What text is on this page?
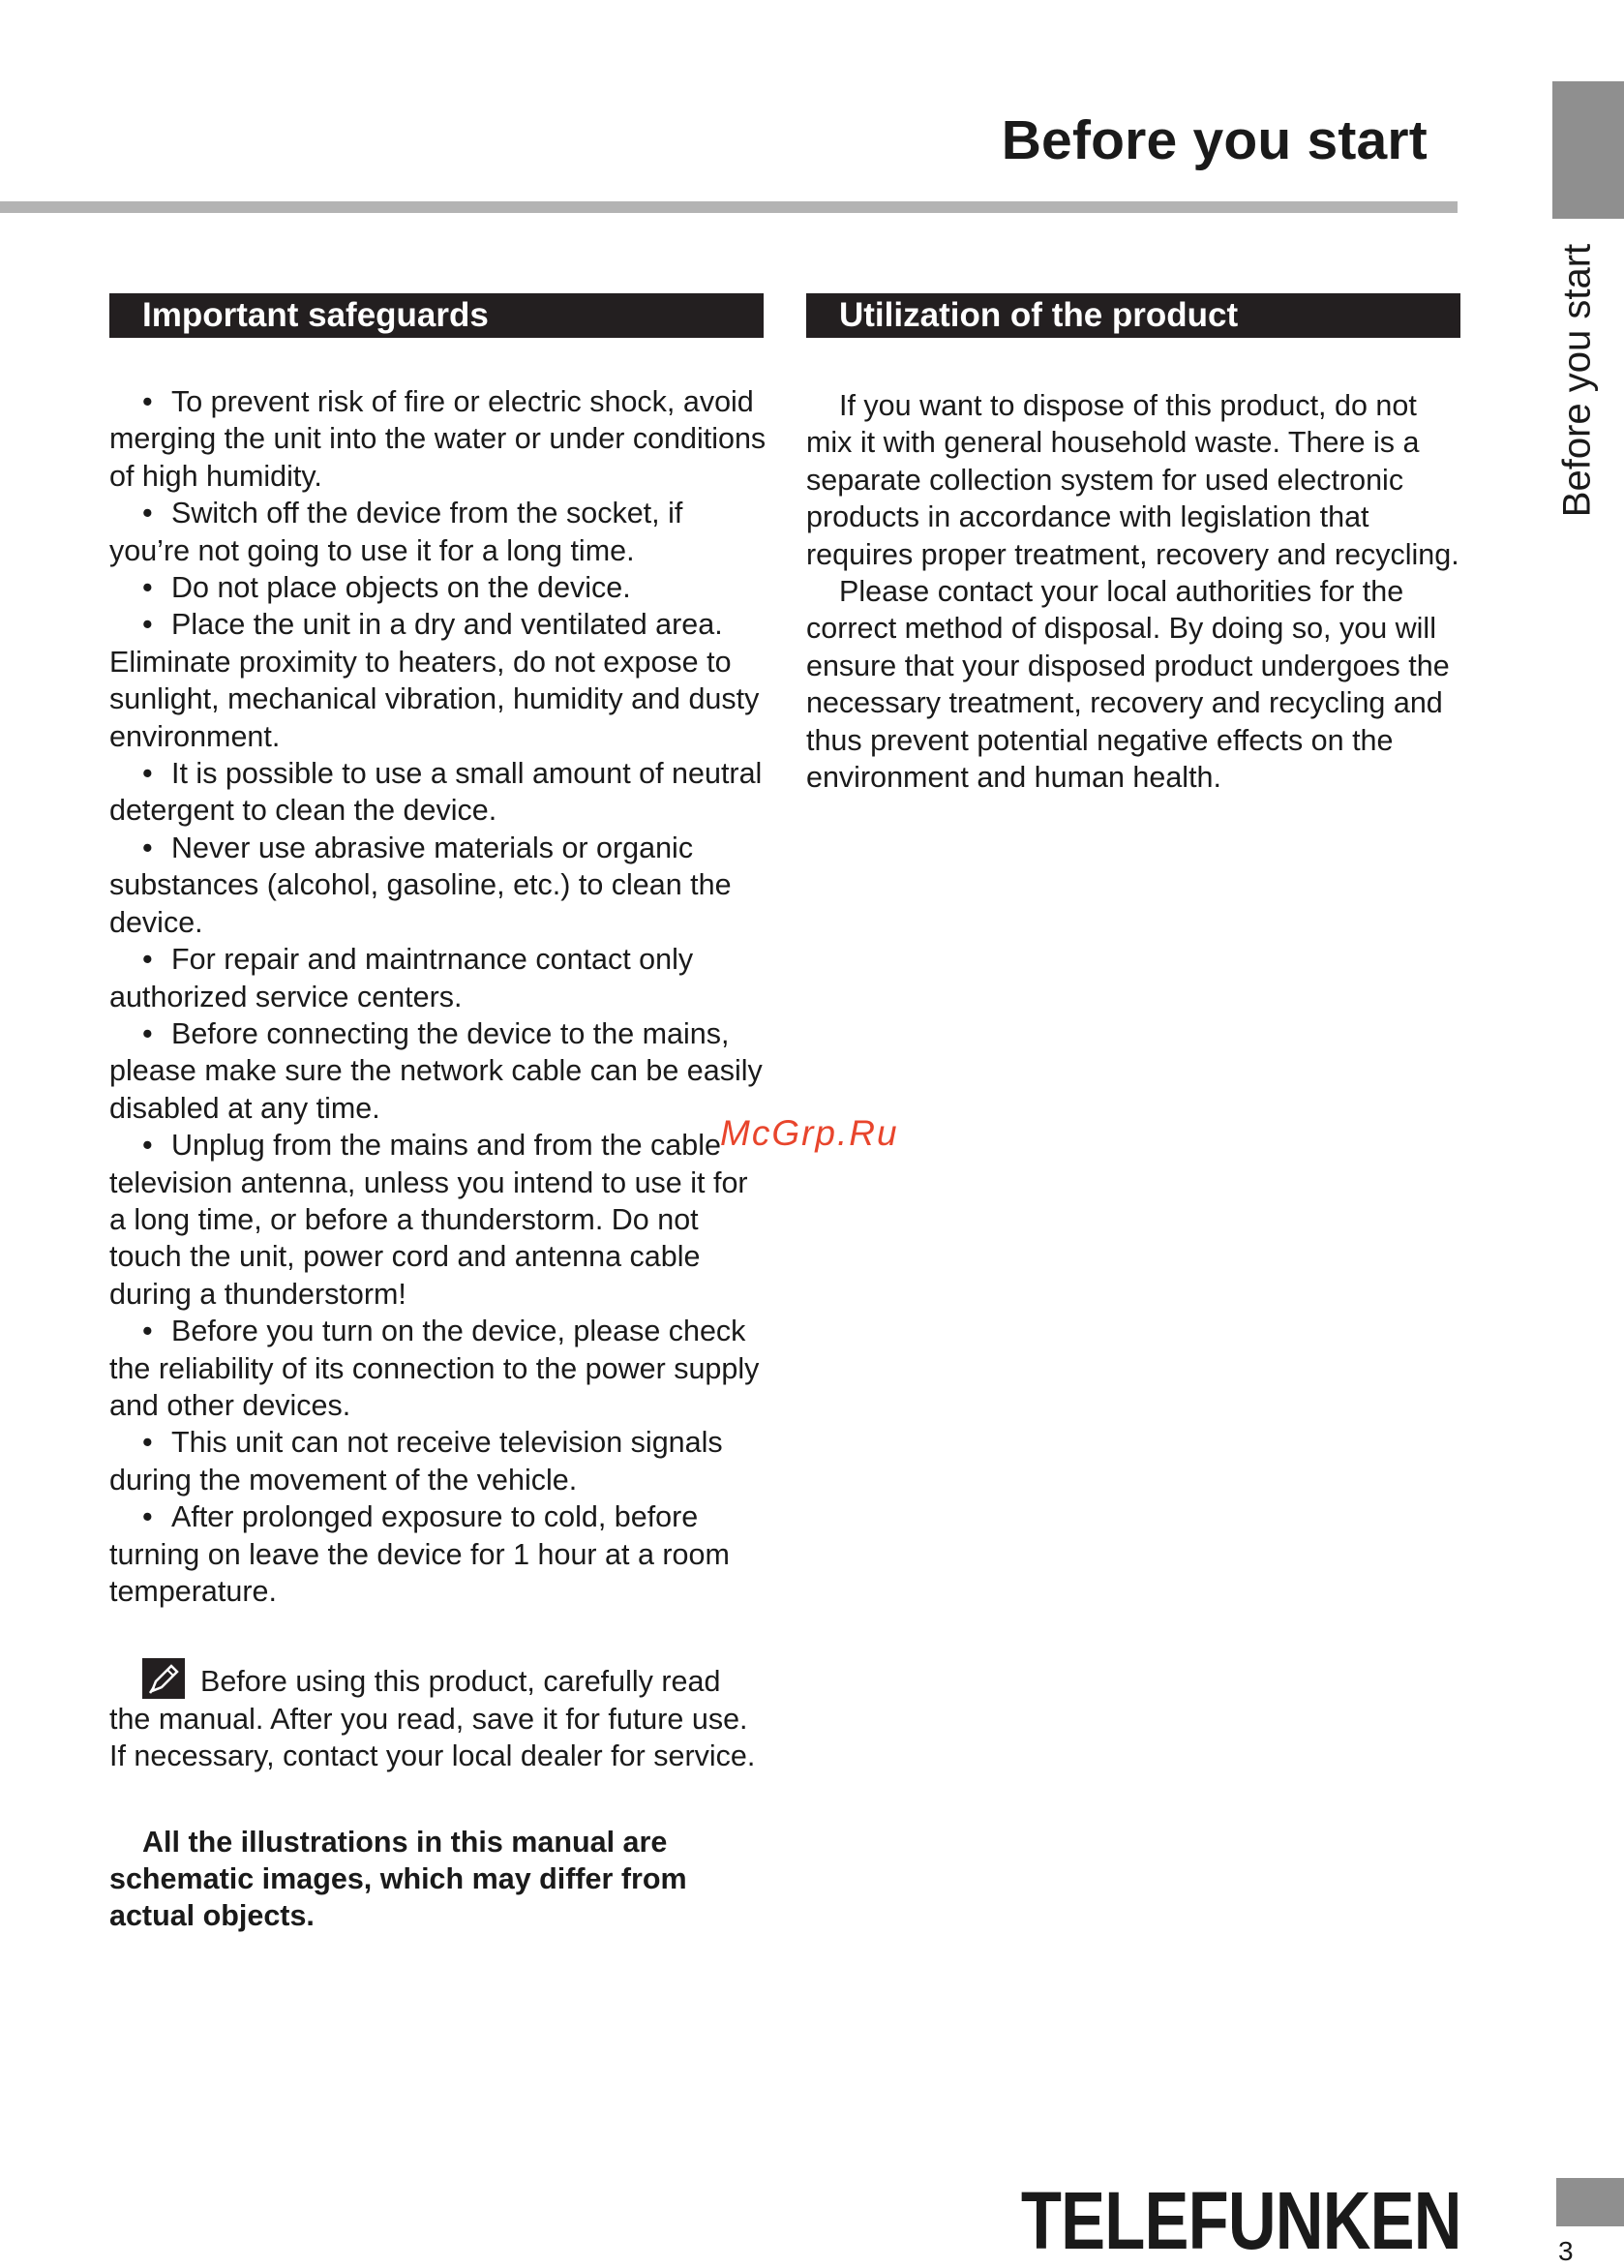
Before you start
Before you start
Important safeguards	Utilization of the product

• To prevent risk of fire or electric shock, avoid merging the unit into the water or under conditions of high humidity.

• Switch off the device from the socket, if you’re not going to use it for a long time.

• Do not place objects on the device.

• Place the unit in a dry and ventilated area. Eliminate proximity to heaters, do not expose to sunlight, mechanical vibration, humidity and dusty environment.

• It is possible to use a small amount of neutral detergent to clean the device.

• Never use abrasive materials or organic substances (alcohol, gasoline, etc.) to clean the device.

• For repair and maintrnance contact only authorized service centers.

• Before connecting the device to the mains, please make sure the network cable can be easily disabled at any time.

• Unplug from the mains and from the cable television antenna, unless you intend to use it for a long time, or before a thunderstorm. Do not touch the unit, power cord and antenna cable during a thunderstorm!

• Before you turn on the device, please check the reliability of its connection to the power supply and other devices.

• This unit can not receive television signals during the movement of the vehicle.

• After prolonged exposure to cold, before turning on leave the device for 1 hour at a room temperature.

Before using this product, carefully read the manual. After you read, save it for future use. If necessary, contact your local dealer for service.

All the illustrations in this manual are schematic images, which may differ from actual objects.

If you want to dispose of this product, do not mix it with general household waste. There is a separate collection system for used electronic products in accordance with legislation that requires proper treatment, recovery and recycling.

Please contact your local authorities for the correct method of disposal. By doing so, you will ensure that your disposed product undergoes the necessary treatment, recovery and recycling and thus prevent potential negative effects on the environment and human health.

McGrp.Ru
TELEFUNKEN	3
